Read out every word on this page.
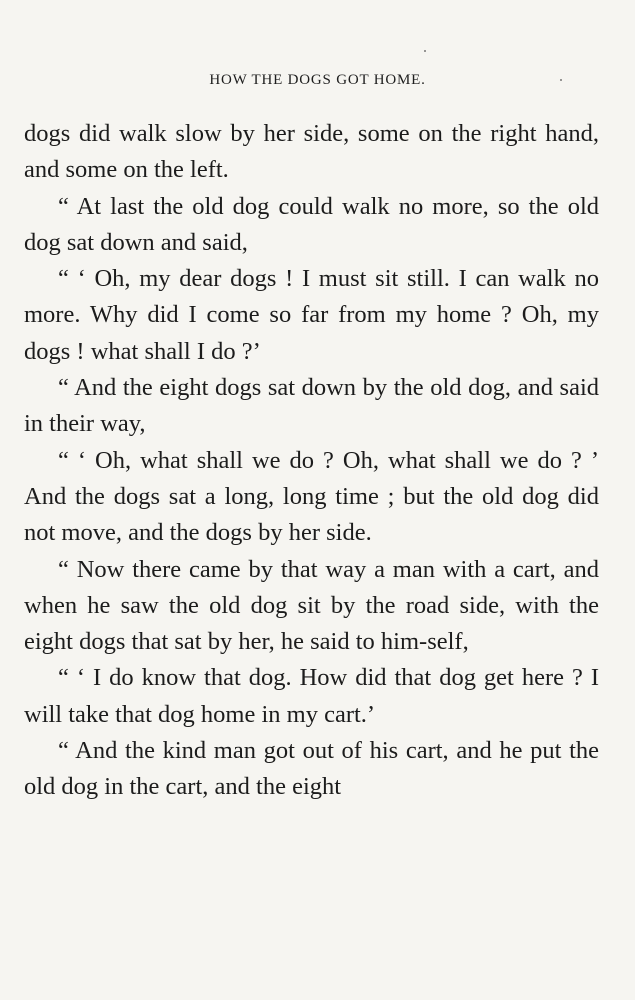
HOW THE DOGS GOT HOME.

dogs did walk slow by her side, some on the right hand, and some on the left.

“ At last the old dog could walk no more, so the old dog sat down and said,

“ ‘ Oh, my dear dogs ! I must sit still. I can walk no more. Why did I come so far from my home ? Oh, my dogs ! what shall I do ?’

“ And the eight dogs sat down by the old dog, and said in their way,

“ ‘ Oh, what shall we do ? Oh, what shall we do ? ’ And the dogs sat a long, long time ; but the old dog did not move, and the dogs by her side.

“ Now there came by that way a man with a cart, and when he saw the old dog sit by the road side, with the eight dogs that sat by her, he said to him-self,

“ ‘ I do know that dog. How did that dog get here ? I will take that dog home in my cart.’

“ And the kind man got out of his cart, and he put the old dog in the cart, and the eight
